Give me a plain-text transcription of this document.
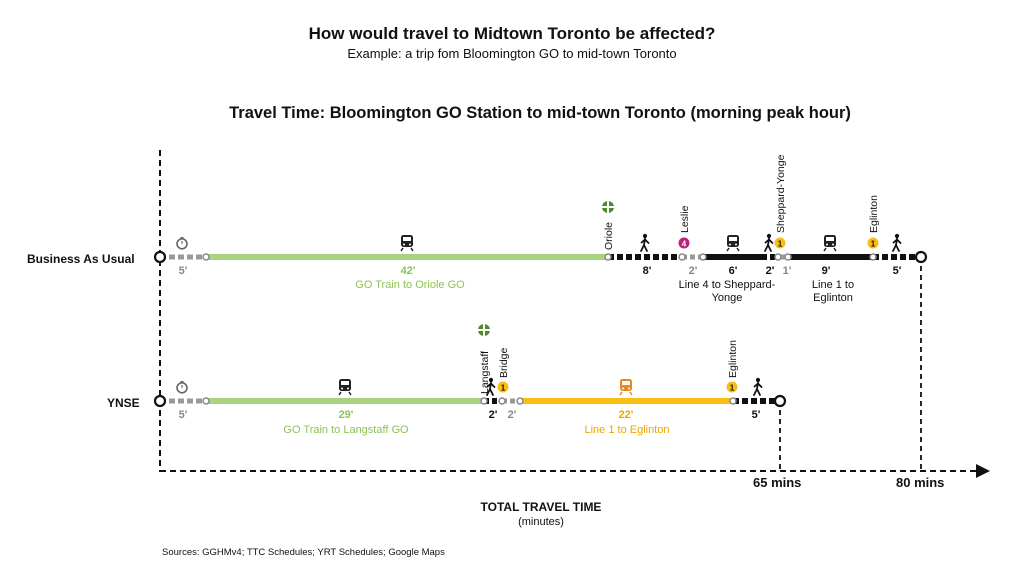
How would travel to Midtown Toronto be affected?
Example: a trip fom Bloomington GO to mid-town Toronto
Travel Time: Bloomington GO Station to mid-town Toronto (morning peak hour)
4	1	1
1	1
Business As Usual
YNSE
Oriole
Leslie	Sheppard-Yonge	Eglinton
5'	42'	8'	2'	6'	2' 1'	9'	5'
GO Train to Oriole GO	Line 4 to Sheppard-
Yonge
Line 1 to
Eglinton
Langstaff Bridge	Eglinton
5'	29'	2' 2'	22'	5'
GO Train to Langstaff GO	Line 1 to Eglinton
65 mins	80 mins
TOTAL TRAVEL TIME
(minutes)
Sources: GGHMv4; TTC Schedules; YRT Schedules; Google Maps
